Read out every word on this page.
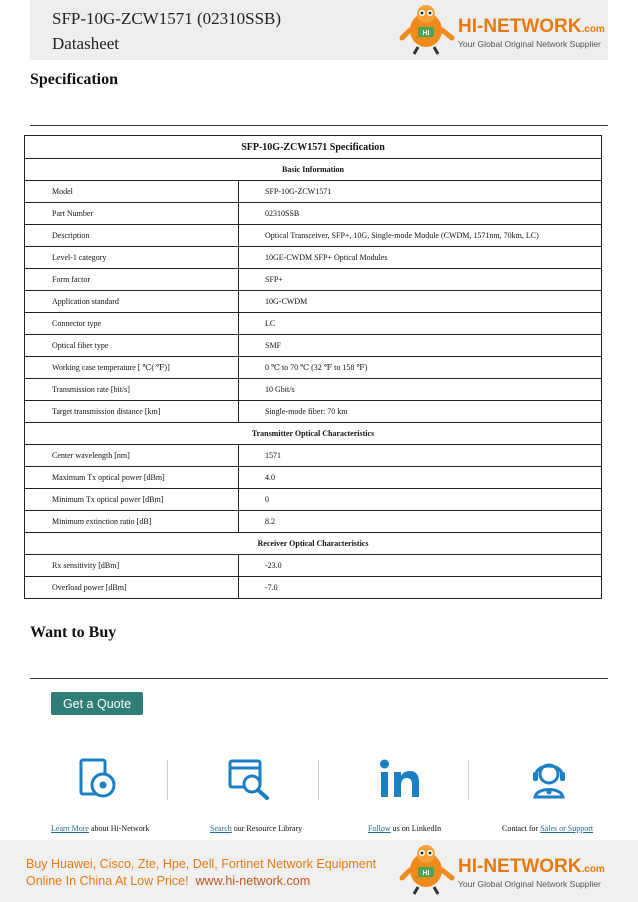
SFP-10G-ZCW1571 (02310SSB)
Datasheet
HI HI-NETWORK.com
Your Global Original Network Supplier
Specification
SFP-10G-ZCW1571 Specification	
Basic Information	
Model	SFP-10G-ZCW1571
Part Number	02310SSB
Description	Optical Transceiver, SFP+, 10G, Single-mode Module (CWDM, 1571nm, 70km, LC)
Level-1 category	10GE-CWDM SFP+ Optical Modules
Form factor	SFP+
Application standard	10G-CWDM
Connector type	LC
Optical fiber type	SMF
Working case temperature [ ℃( ℉)]	0 ℃ to 70 ℃ (32 ℉ to 158 ℉)
Transmission rate [bit/s]	10 Gbit/s
Target transmission distance [km]	Single-mode fiber: 70 km
Transmitter Optical Characteristics	
Center wavelength [nm]	1571
Maximum Tx optical power [dBm]	4.0
Minimum Tx optical power [dBm]	0
Minimum extinction ratio [dB]	8.2
Receiver Optical Characteristics	
Rx sensitivity [dBm]	-23.0
Overload power [dBm]	-7.0
Want to Buy
Get a Quote
Learn More about Hi-Network	Search our Resource Library	Follow us on LinkedIn	Contact for Sales or Support
Buy Huawei, Cisco, Zte, Hpe, Dell, Fortinet Network Equipment
Online In China At Low Price!  www.hi-network.com
HI HI-NETWORK.com
Your Global Original Network Supplier
